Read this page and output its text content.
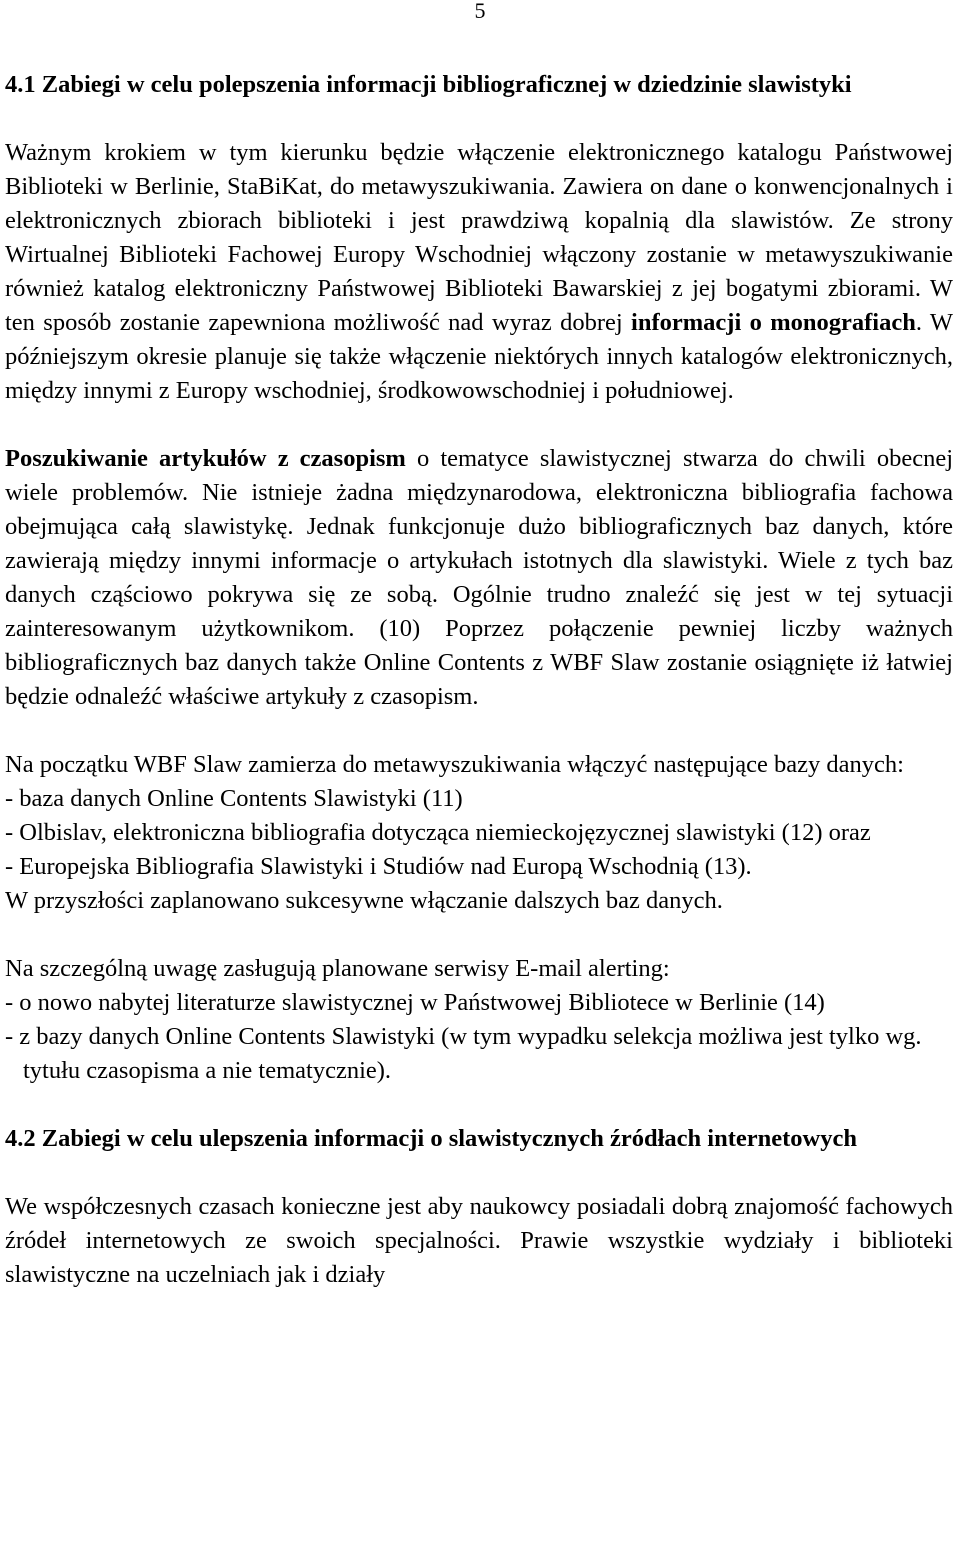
5

4.1 Zabiegi w celu polepszenia informacji bibliograficznej w dziedzinie slawistyki

Ważnym krokiem w tym kierunku będzie włączenie elektronicznego katalogu Państwowej Biblioteki w Berlinie, StaBiKat, do metawyszukiwania. Zawiera on dane o konwencjonalnych i elektronicznych zbiorach biblioteki i jest prawdziwą kopalnią dla slawistów. Ze strony Wirtualnej Biblioteki Fachowej Europy Wschodniej włączony zostanie w metawyszukiwanie również katalog elektroniczny Państwowej Biblioteki Bawarskiej z jej bogatymi zbiorami. W ten sposób zostanie zapewniona możliwość nad wyraz dobrej informacji o monografiach. W późniejszym okresie planuje się także włączenie niektórych innych katalogów elektronicznych, między innymi z Europy wschodniej, środkowowschodniej i południowej.

Poszukiwanie artykułów z czasopism o tematyce slawistycznej stwarza do chwili obecnej wiele problemów. Nie istnieje żadna międzynarodowa, elektroniczna bibliografia fachowa obejmująca całą slawistykę. Jednak funkcjonuje dużo bibliograficznych baz danych, które zawierają między innymi informacje o artykułach istotnych dla slawistyki. Wiele z tych baz danych cząściowo pokrywa się ze sobą. Ogólnie trudno znaleźć się jest w tej sytuacji zainteresowanym użytkownikom. (10) Poprzez połączenie pewniej liczby ważnych bibliograficznych baz danych także Online Contents z WBF Slaw zostanie osiągnięte iż łatwiej będzie odnaleźć właściwe artykuły z czasopism.

Na początku WBF Slaw zamierza do metawyszukiwania włączyć następujące bazy danych:

- baza danych Online Contents Slawistyki (11)

- Olbislav, elektroniczna bibliografia dotycząca niemieckojęzycznej slawistyki (12) oraz

- Europejska Bibliografia Slawistyki i Studiów nad Europą Wschodnią (13).

W przyszłości zaplanowano sukcesywne włączanie dalszych baz danych.

Na szczególną uwagę zasługują planowane serwisy E-mail alerting:

- o nowo nabytej literaturze slawistycznej w Państwowej Bibliotece w Berlinie (14)

- z bazy danych Online Contents Slawistyki (w tym wypadku selekcja możliwa jest tylko wg. tytułu czasopisma a nie tematycznie).

4.2 Zabiegi w celu ulepszenia informacji o slawistycznych źródłach internetowych

We współczesnych czasach konieczne jest aby naukowcy posiadali dobrą znajomość fachowych źródeł internetowych ze swoich specjalności. Prawie wszystkie wydziały i biblioteki slawistyczne na uczelniach jak i działy
